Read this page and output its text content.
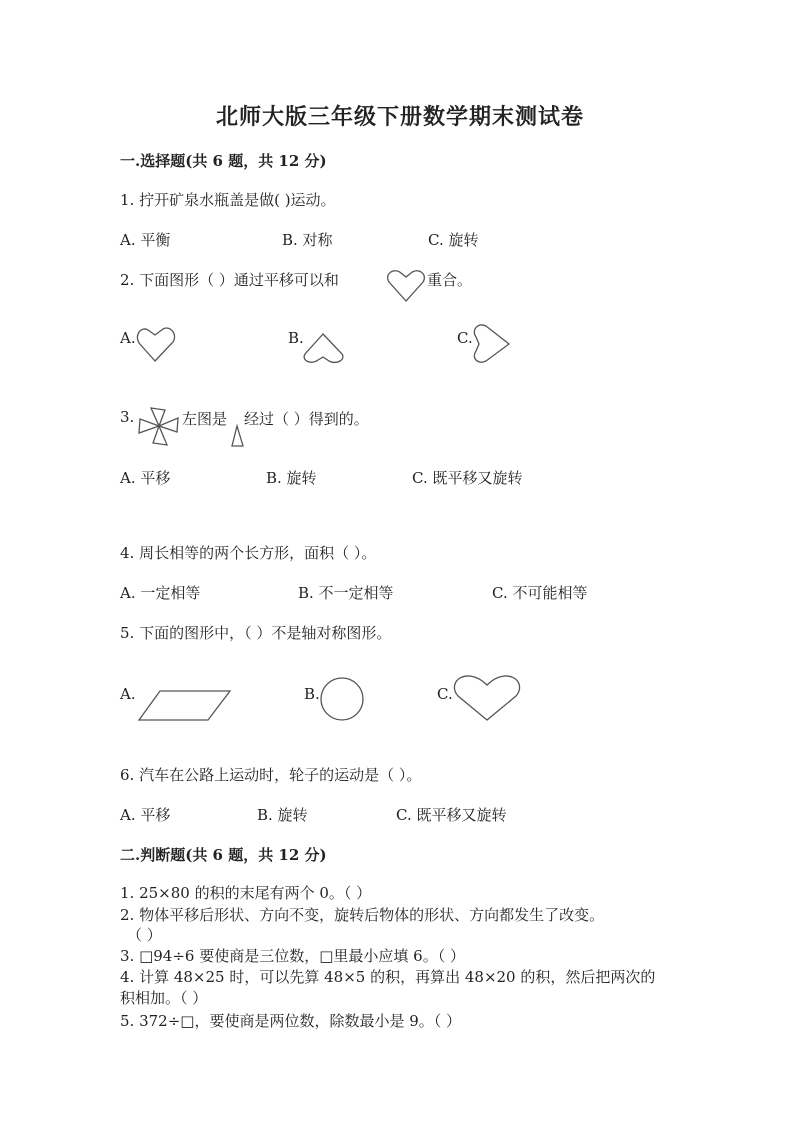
北师大版三年级下册数学期末测试卷
一.选择题(共 6 题，共 12 分)
1. 拧开矿泉水瓶盖是做( )运动。
A. 平衡	B. 对称	C. 旋转
2. 下面图形（ ）通过平移可以和	重合。
A.	B.	C.
3.	左图是 经过（ ）得到的。
A. 平移	B. 旋转	C. 既平移又旋转
4. 周长相等的两个长方形，面积（ ）。
A. 一定相等	B. 不一定相等	C. 不可能相等
5. 下面的图形中，（ ）不是轴对称图形。
A.	B.	C.
6. 汽车在公路上运动时，轮子的运动是（ ）。
A. 平移	B. 旋转	C. 既平移又旋转
二.判断题(共 6 题，共 12 分)
1. 25×80 的积的末尾有两个 0。（ ）
2. 物体平移后形状、方向不变，旋转后物体的形状、方向都发生了改变。
（ ）
3. □94÷6 要使商是三位数，□里最小应填 6。（ ）
4. 计算 48×25 时，可以先算 48×5 的积，再算出 48×20 的积，然后把两次的
积相加。（ ）
5. 372÷□，要使商是两位数，除数最小是 9。（ ）
